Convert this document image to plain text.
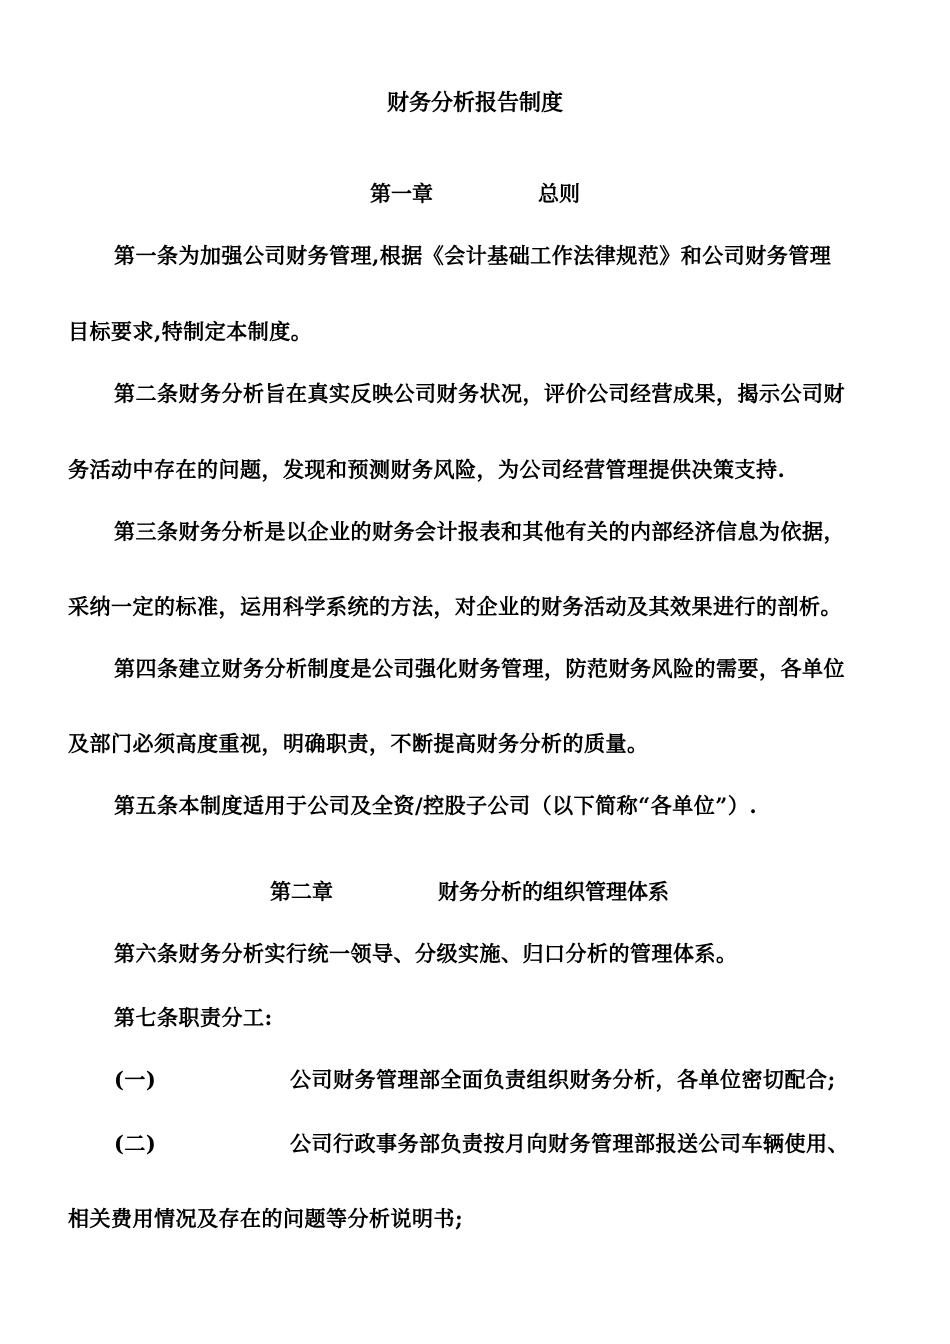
财务分析报告制度
第一章	总则
第一条为加强公司财务管理,根据《会计基础工作法律规范》和公司财务管理
目标要求,特制定本制度。
第二条财务分析旨在真实反映公司财务状况，评价公司经营成果，揭示公司财
务活动中存在的问题，发现和预测财务风险，为公司经营管理提供决策支持.
第三条财务分析是以企业的财务会计报表和其他有关的内部经济信息为依据，
采纳一定的标准，运用科学系统的方法，对企业的财务活动及其效果进行的剖析。
第四条建立财务分析制度是公司强化财务管理，防范财务风险的需要，各单位
及部门必须高度重视，明确职责，不断提高财务分析的质量。
第五条本制度适用于公司及全资/控股子公司（以下简称“各单位”）.
第二章	财务分析的组织管理体系
第六条财务分析实行统一领导、分级实施、归口分析的管理体系。
第七条职责分工:
(一)	公司财务管理部全面负责组织财务分析，各单位密切配合;
(二)	公司行政事务部负责按月向财务管理部报送公司车辆使用、
相关费用情况及存在的问题等分析说明书;
